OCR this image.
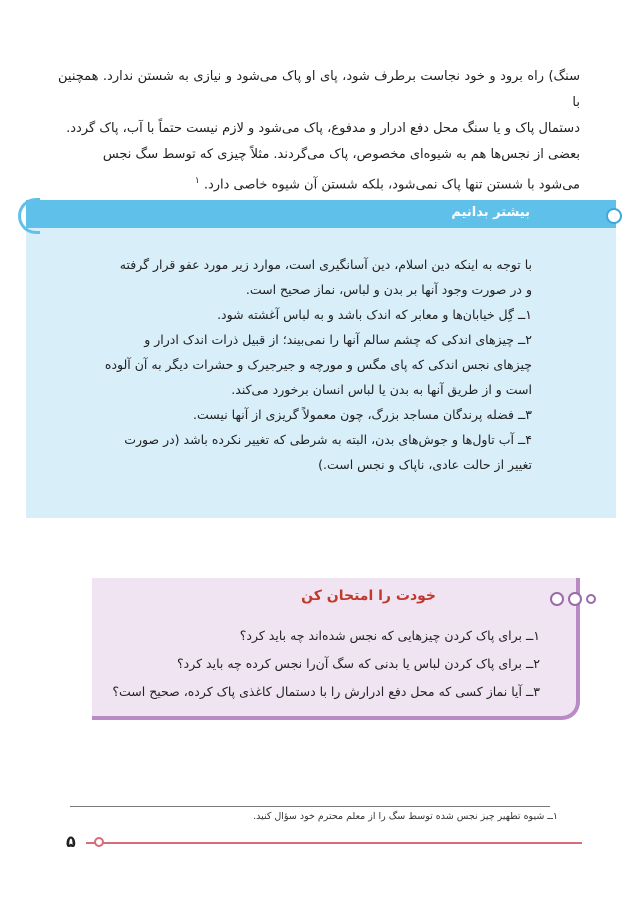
سنگ) راه برود و خود نجاست برطرف شود، پای او پاک می‌شود و نیازی به شستن ندارد. همچنین با

دستمال پاک و یا سنگ محل دفع ادرار و مدفوع، پاک می‌شود و لازم نیست حتماً با آب، پاک گردد.

بعضی از نجس‌ها هم به شیوه‌ای مخصوص، پاک می‌گردند. مثلاً چیزی که توسط سگ نجس

می‌شود با شستن تنها پاک نمی‌شود، بلکه شستن آن شیوه خاصی دارد. $^۱$

بیشتر بدانیم

با توجه به اینکه دین اسلام، دین آسانگیری است، موارد زیر مورد عفو قرار گرفته

و در صورت وجود آنها بر بدن و لباس، نماز صحیح است.

۱ــ گِل خیابان‌ها و معابر که اندک باشد و به لباس آغشته شود.

۲ــ چیزهای اندکی که چشم سالم آنها را نمی‌بیند؛ از قبیل ذرات اندک ادرار و

چیزهای نجس اندکی که پای مگس و مورچه و جیرجیرک و حشرات دیگر به آن آلوده

است و از طریق آنها به بدن یا لباس انسان برخورد می‌کند.

۳ــ فضله پرندگان مساجد بزرگ، چون معمولاً گریزی از آنها نیست.

۴ــ آب تاول‌ها و جوش‌های بدن، البته به شرطی که تغییر نکرده باشد (در صورت

تغییر از حالت عادی، ناپاک و نجس است.)

خودت را امتحان کن

۱ــ برای پاک کردن چیزهایی که نجس شده‌اند چه باید کرد؟

۲ــ برای پاک کردن لباس یا بدنی که سگ آن‌را نجس کرده چه باید کرد؟

۳ــ آیا نماز کسی که محل دفع ادرارش را با دستمال کاغذی پاک کرده، صحیح است؟

۱ــ شیوه تطهیر چیز نجس شده توسط سگ را از معلم محترم خود سؤال کنید.
۵
